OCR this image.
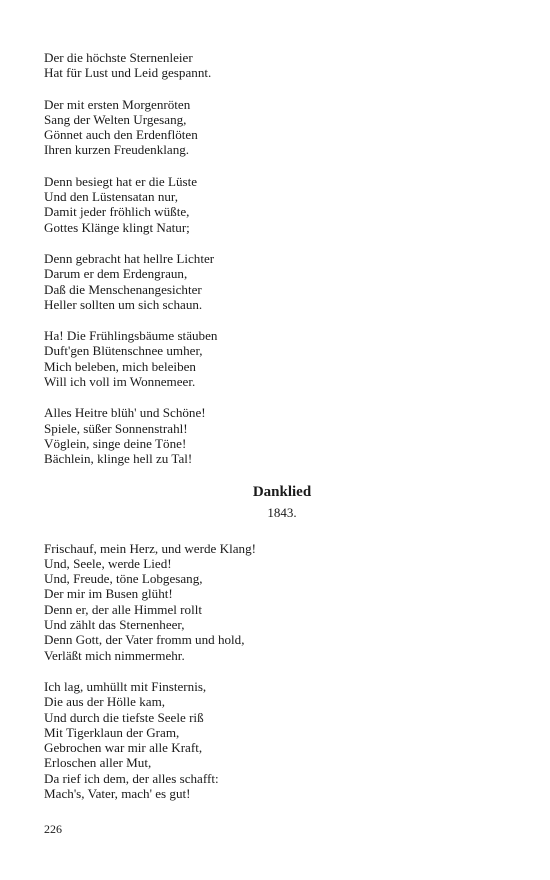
Der die höchste Sternenleier
Hat für Lust und Leid gespannt.
Der mit ersten Morgenröten
Sang der Welten Urgesang,
Gönnet auch den Erdenflöten
Ihren kurzen Freudenklang.
Denn besiegt hat er die Lüste
Und den Lüstensatan nur,
Damit jeder fröhlich wüßte,
Gottes Klänge klingt Natur;
Denn gebracht hat hellre Lichter
Darum er dem Erdengraun,
Daß die Menschenangesichter
Heller sollten um sich schaun.
Ha! Die Frühlingsbäume stäuben
Duft'gen Blütenschnee umher,
Mich beleben, mich beleiben
Will ich voll im Wonnemeer.
Alles Heitre blüh' und Schöne!
Spiele, süßer Sonnenstrahl!
Vöglein, singe deine Töne!
Bächlein, klinge hell zu Tal!
Danklied
1843.
Frischauf, mein Herz, und werde Klang!
Und, Seele, werde Lied!
Und, Freude, töne Lobgesang,
Der mir im Busen glüht!
Denn er, der alle Himmel rollt
Und zählt das Sternenheer,
Denn Gott, der Vater fromm und hold,
Verläßt mich nimmermehr.
Ich lag, umhüllt mit Finsternis,
Die aus der Hölle kam,
Und durch die tiefste Seele riß
Mit Tigerklaun der Gram,
Gebrochen war mir alle Kraft,
Erloschen aller Mut,
Da rief ich dem, der alles schafft:
Mach's, Vater, mach' es gut!
226
